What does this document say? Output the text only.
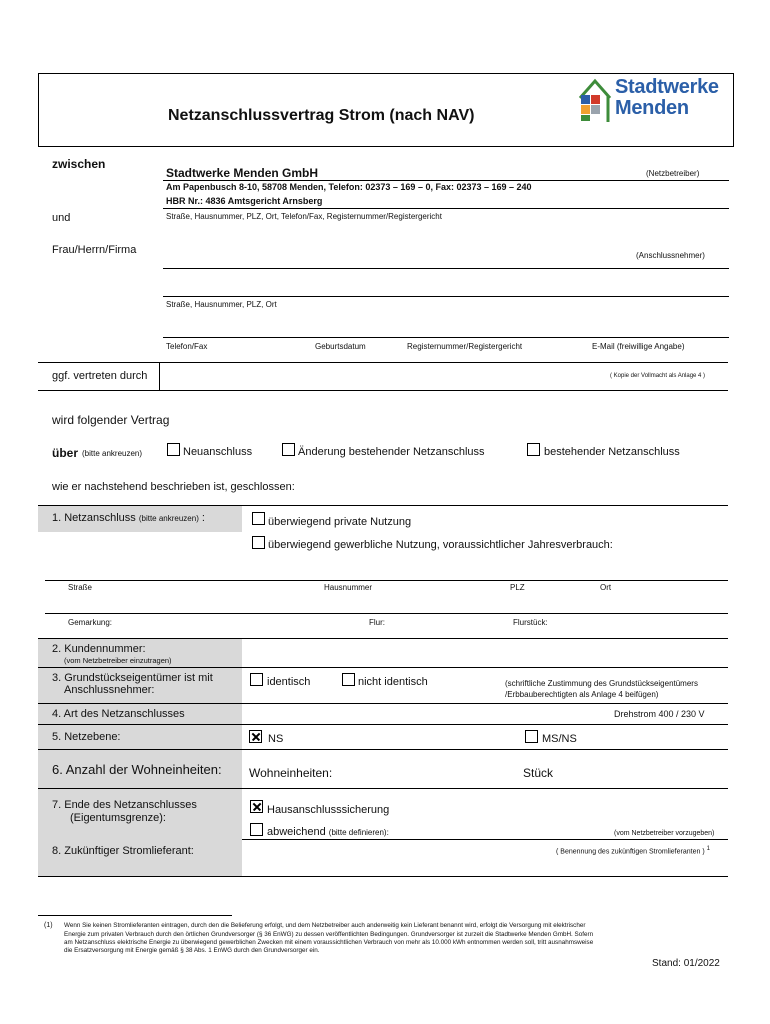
Netzanschlussvertrag Strom (nach NAV)
Stadtwerke
Menden
zwischen
Stadtwerke Menden GmbH	(Netzbetreiber)
Am Papenbusch 8-10, 58708 Menden, Telefon: 02373 – 169 – 0, Fax: 02373 – 169 – 240
HBR Nr.: 4836 Amtsgericht Arnsberg
Straße, Hausnummer, PLZ, Ort, Telefon/Fax, Registernummer/Registergericht
und
Frau/Herrn/Firma	(Anschlussnehmer)
Straße, Hausnummer, PLZ, Ort
Telefon/Fax	Geburtsdatum	Registernummer/Registergericht	E-Mail (freiwillige Angabe)
ggf. vertreten durch	( Kopie der Vollmacht als Anlage 4 )
wird folgender Vertrag
über (bitte ankreuzen)	Neuanschluss	Änderung bestehender Netzanschluss	bestehender Netzanschluss
wie er nachstehend beschrieben ist, geschlossen:
1. Netzanschluss (bitte ankreuzen) :	überwiegend private Nutzung
überwiegend gewerbliche Nutzung, voraussichtlicher Jahresverbrauch:
Straße	Hausnummer	PLZ	Ort
Gemarkung:	Flur:	Flurstück:
2. Kundennummer:
(vom Netzbetreiber einzutragen)
3. Grundstückseigentümer ist mit
Anschlussnehmer:
identisch	nicht identisch	(schriftliche Zustimmung des Grundstückseigentümers
/Erbbauberechtigten als Anlage 4 beifügen)
4. Art des Netzanschlusses	Drehstrom 400 / 230 V
5. Netzebene:	NS	MS/NS
6. Anzahl der Wohneinheiten: Wohneinheiten:	Stück
7. Ende des Netzanschlusses
(Eigentumsgrenze):
Hausanschlusssicherung
abweichend (bitte definieren):	(vom Netzbetreiber vorzugeben)
8. Zukünftiger Stromlieferant:	( Benennung des zukünftigen Stromlieferanten ) $^1$
(1) Wenn Sie keinen Stromlieferanten eintragen, durch den die Belieferung erfolgt, und dem Netzbetreiber auch anderweitig kein Lieferant benannt wird, erfolgt die Versorgung mit elektrischer
Energie zum privaten Verbrauch durch den örtlichen Grundversorger (§ 36 EnWG) zu dessen veröffentlichten Bedingungen. Grundversorger ist zurzeit die Stadtwerke Menden GmbH. Sofern
am Netzanschluss elektrische Energie zu überwiegend gewerblichen Zwecken mit einem voraussichtlichen Verbrauch von mehr als 10.000 kWh entnommen werden soll, tritt ausnahmsweise
die Ersatzversorgung mit Energie gemäß § 38 Abs. 1 EnWG durch den Grundversorger ein.
Stand: 01/2022
